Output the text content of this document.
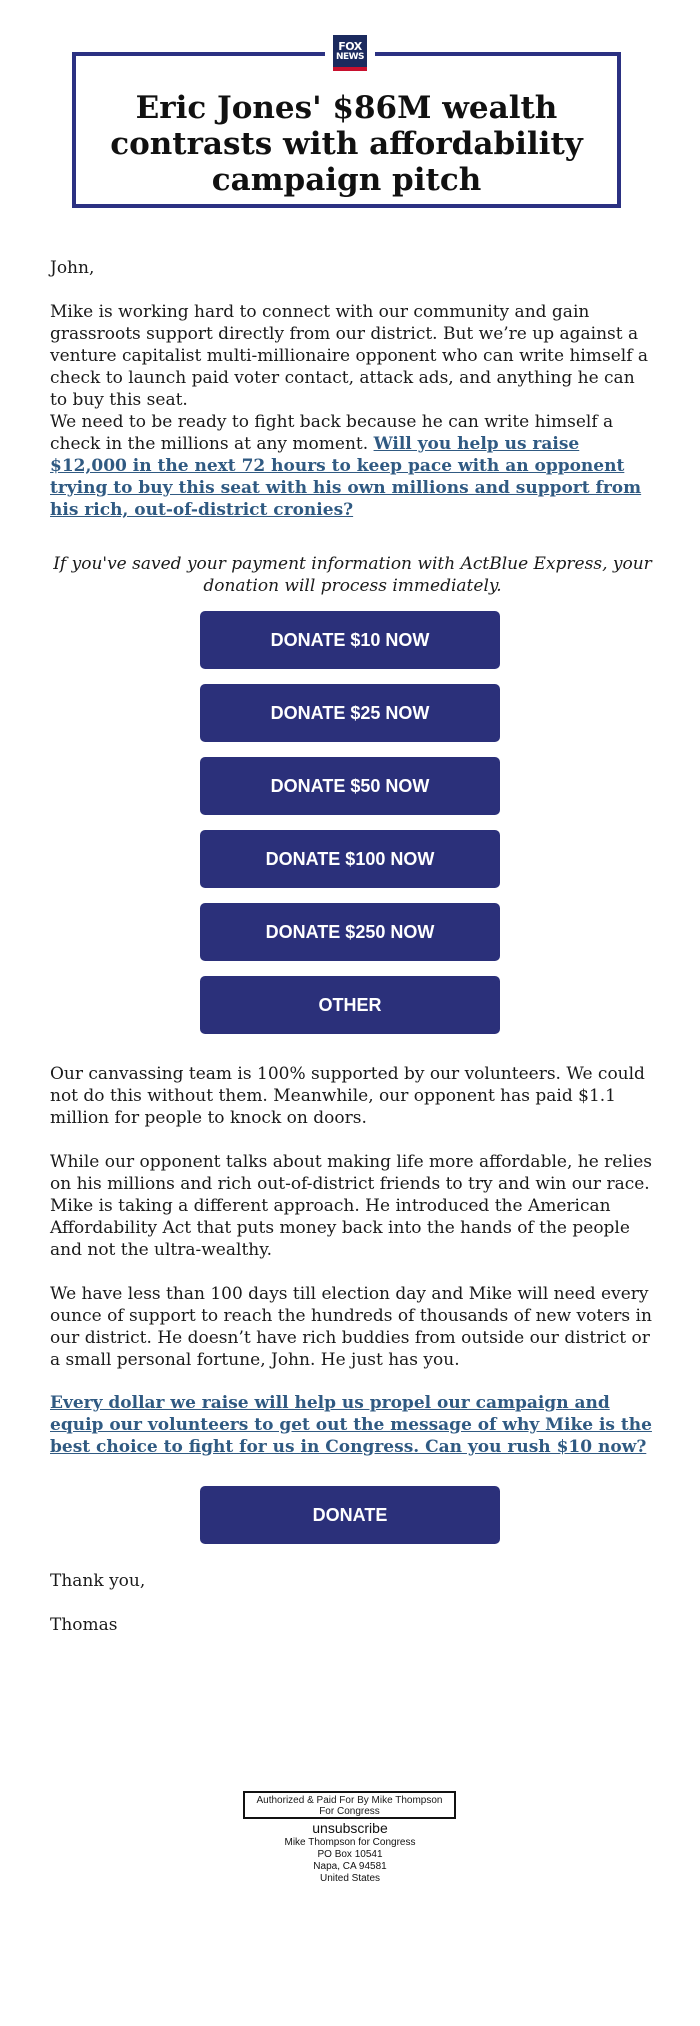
Eric Jones' $86M wealth
contrasts with affordability
campaign pitch
FOX
NEWS

John,

Mike is working hard to connect with our community and gain grassroots support directly from our district. But we’re up against a venture capitalist multi-millionaire opponent who can write himself a check to launch paid voter contact, attack ads, and anything he can to buy this seat.

We need to be ready to fight back because he can write himself a check in the millions at any moment. Will you help us raise $12,000 in the next 72 hours to keep pace with an opponent trying to buy this seat with his own millions and support from his rich, out-of-district cronies?

If you've saved your payment information with ActBlue Express, your donation will process immediately.

DONATE $10 NOW
DONATE $25 NOW
DONATE $50 NOW
DONATE $100 NOW
DONATE $250 NOW
OTHER

Our canvassing team is 100% supported by our volunteers. We could not do this without them. Meanwhile, our opponent has paid $1.1 million for people to knock on doors.

While our opponent talks about making life more affordable, he relies on his millions and rich out-of-district friends to try and win our race. Mike is taking a different approach. He introduced the American Affordability Act that puts money back into the hands of the people and not the ultra-wealthy.

We have less than 100 days till election day and Mike will need every ounce of support to reach the hundreds of thousands of new voters in our district. He doesn’t have rich buddies from outside our district or a small personal fortune, John. He just has you.

Every dollar we raise will help us propel our campaign and equip our volunteers to get out the message of why Mike is the best choice to fight for us in Congress. Can you rush $10 now?

DONATE

Thank you,

Thomas

Authorized & Paid For By Mike Thompson
For Congress
unsubscribe
Mike Thompson for Congress
PO Box 10541
Napa, CA 94581
United States
